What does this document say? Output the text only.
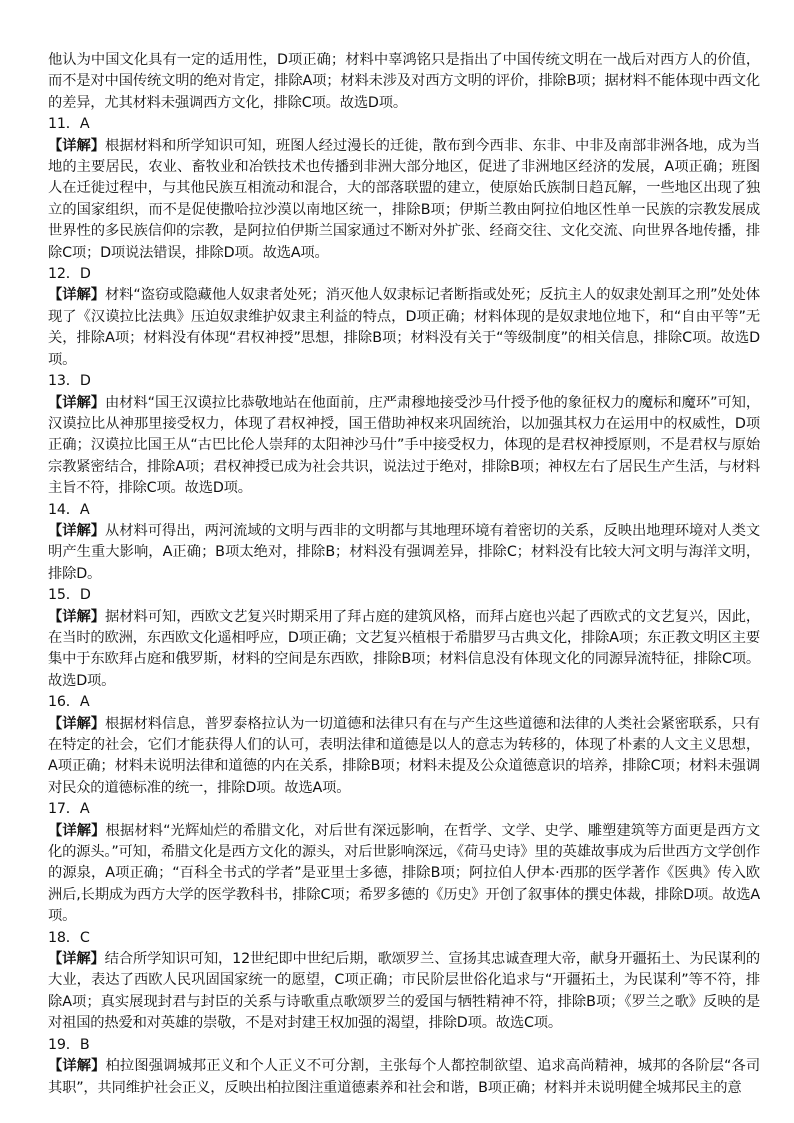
他认为中国文化具有一定的适用性，D项正确；材料中辜鸿铭只是指出了中国传统文明在一战后对西方人的价值，而不是对中国传统文明的绝对肯定，排除A项；材料未涉及对西方文明的评价，排除B项；据材料不能体现中西文化的差异，尤其材料未强调西方文化，排除C项。故选D项。

11．A

【详解】根据材料和所学知识可知，班图人经过漫长的迁徙，散布到今西非、东非、中非及南部非洲各地，成为当地的主要居民，农业、畜牧业和冶铁技术也传播到非洲大部分地区，促进了非洲地区经济的发展，A项正确；班图人在迁徙过程中，与其他民族互相流动和混合，大的部落联盟的建立，使原始氏族制日趋瓦解，一些地区出现了独立的国家组织，而不是促使撒哈拉沙漠以南地区统一，排除B项；伊斯兰教由阿拉伯地区性单一民族的宗教发展成世界性的多民族信仰的宗教，是阿拉伯伊斯兰国家通过不断对外扩张、经商交往、文化交流、向世界各地传播，排除C项；D项说法错误，排除D项。故选A项。

12．D

【详解】材料“盗窃或隐藏他人奴隶者处死；消灭他人奴隶标记者断指或处死；反抗主人的奴隶处割耳之刑”处处体现了《汉谟拉比法典》压迫奴隶维护奴隶主利益的特点，D项正确；材料体现的是奴隶地位地下，和“自由平等”无关，排除A项；材料没有体现“君权神授”思想，排除B项；材料没有关于“等级制度”的相关信息，排除C项。故选D项。

13．D

【详解】由材料“国王汉谟拉比恭敬地站在他面前，庄严肃穆地接受沙马什授予他的象征权力的魔标和魔环”可知，汉谟拉比从神那里接受权力，体现了君权神授，国王借助神权来巩固统治，以加强其权力在运用中的权威性，D项正确；汉谟拉比国王从“古巴比伦人崇拜的太阳神沙马什”手中接受权力，体现的是君权神授原则，不是君权与原始宗教紧密结合，排除A项；君权神授已成为社会共识，说法过于绝对，排除B项；神权左右了居民生产生活，与材料主旨不符，排除C项。故选D项。

14．A

【详解】从材料可得出，两河流域的文明与西非的文明都与其地理环境有着密切的关系，反映出地理环境对人类文明产生重大影响，A正确；B项太绝对，排除B；材料没有强调差异，排除C；材料没有比较大河文明与海洋文明，排除D。

15．D

【详解】据材料可知，西欧文艺复兴时期采用了拜占庭的建筑风格，而拜占庭也兴起了西欧式的文艺复兴，因此，在当时的欧洲，东西欧文化遥相呼应，D项正确；文艺复兴植根于希腊罗马古典文化，排除A项；东正教文明区主要集中于东欧拜占庭和俄罗斯，材料的空间是东西欧，排除B项；材料信息没有体现文化的同源异流特征，排除C项。故选D项。

16．A

【详解】根据材料信息，普罗泰格拉认为一切道德和法律只有在与产生这些道德和法律的人类社会紧密联系，只有在特定的社会，它们才能获得人们的认可，表明法律和道德是以人的意志为转移的，体现了朴素的人文主义思想，A项正确；材料未说明法律和道德的内在关系，排除B项；材料未提及公众道德意识的培养，排除C项；材料未强调对民众的道德标准的统一，排除D项。故选A项。

17．A

【详解】根据材料“光辉灿烂的希腊文化，对后世有深远影响，在哲学、文学、史学、雕塑建筑等方面更是西方文化的源头。”可知，希腊文化是西方文化的源头，对后世影响深远，《荷马史诗》里的英雄故事成为后世西方文学创作的源泉，A项正确；“百科全书式的学者”是亚里士多德，排除B项；阿拉伯人伊本·西那的医学著作《医典》传入欧洲后,长期成为西方大学的医学教科书，排除C项；希罗多德的《历史》开创了叙事体的撰史体裁，排除D项。故选A项。

18．C

【详解】结合所学知识可知，12世纪即中世纪后期，歌颂罗兰、宣扬其忠诚查理大帝，献身开疆拓土、为民谋利的大业，表达了西欧人民巩固国家统一的愿望，C项正确；市民阶层世俗化追求与“开疆拓土，为民谋利”等不符，排除A项；真实展现封君与封臣的关系与诗歌重点歌颂罗兰的爱国与牺牲精神不符，排除B项；《罗兰之歌》反映的是对祖国的热爱和对英雄的崇敬，不是对封建王权加强的渴望，排除D项。故选C项。

19．B

【详解】柏拉图强调城邦正义和个人正义不可分割，主张每个人都控制欲望、追求高尚精神，城邦的各阶层“各司其职”，共同维护社会正义，反映出柏拉图注重道德素养和社会和谐，B项正确；材料并未说明健全城邦民主的意
